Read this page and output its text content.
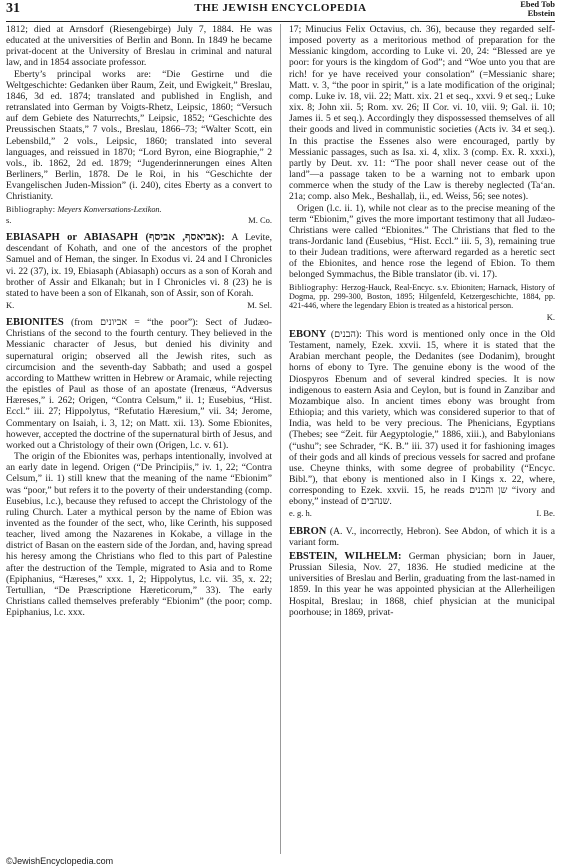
31	THE JEWISH ENCYCLOPEDIA	Ebed Tob
Ebstein

1812; died at Arnsdorf (Riesengebirge) July 7, 1884. He was educated at the universities of Berlin and Bonn. In 1849 he became privat-docent at the University of Breslau in criminal and natural law, and in 1854 associate professor.

Eberty’s principal works are: “Die Gestirne und die Weltgeschichte: Gedanken über Raum, Zeit, und Ewigkeit,” Breslau, 1846, 3d ed. 1874; translated and published in English, and retranslated into German by Voigts-Rhetz, Leipsic, 1860; “Versuch auf dem Gebiete des Naturrechts,” Leipsic, 1852; “Geschichte des Preussischen Staats,” 7 vols., Breslau, 1866–73; “Walter Scott, ein Lebensbild,” 2 vols., Leipsic, 1860; translated into several languages, and reissued in 1870; “Lord Byron, eine Biographie,” 2 vols., ib. 1862, 2d ed. 1879; “Jugenderinnerungen eines Alten Berliners,” Berlin, 1878. De le Roi, in his “Geschichte der Evangelischen Juden-Mission” (i. 240), cites Eberty as a convert to Christianity.

Bibliography: Meyers Konversations-Lexikon.

s.	M. Co.

EBIASAPH or ABIASAPH (אביאסף, אביסף): A Levite, descendant of Kohath, and one of the ancestors of the prophet Samuel and of Heman, the singer. In Exodus vi. 24 and I Chronicles vi. 22 (37), ix. 19, Ebiasaph (Abiasaph) occurs as a son of Korah and brother of Assir and Elkanah; but in I Chronicles vi. 8 (23) he is stated to have been a son of Elkanah, son of Assir, son of Korah.

K.	M. Sel.

EBIONITES (from אביונים = “the poor”): Sect of Judæo-Christians of the second to the fourth century. They believed in the Messianic character of Jesus, but denied his divinity and supernatural origin; observed all the Jewish rites, such as circumcision and the seventh-day Sabbath; and used a gospel according to Matthew written in Hebrew or Aramaic, while rejecting the epistles of Paul as those of an apostate (Irenæus, “Adversus Hæreses,” i. 262; Origen, “Contra Celsum,” ii. 1; Eusebius, “Hist. Eccl.” iii. 27; Hippolytus, “Refutatio Hæresium,” vii. 34; Jerome, Commentary on Isaiah, i. 3, 12; on Matt. xii. 13). Some Ebionites, however, accepted the doctrine of the supernatural birth of Jesus, and worked out a Christology of their own (Origen, l.c. v. 61).

The origin of the Ebionites was, perhaps intentionally, involved at an early date in legend. Origen (“De Principiis,” iv. 1, 22; “Contra Celsum,” ii. 1) still knew that the meaning of the name “Ebionim” was “poor,” but refers it to the poverty of their understanding (comp. Eusebius, l.c.), because they refused to accept the Christology of the ruling Church. Later a mythical person by the name of Ebion was invented as the founder of the sect, who, like Cerinth, his supposed teacher, lived among the Nazarenes in Kokabe, a village in the district of Basan on the eastern side of the Jordan, and, having spread his heresy among the Christians who fled to this part of Palestine after the destruction of the Temple, migrated to Asia and to Rome (Epiphanius, “Hæreses,” xxx. 1, 2; Hippolytus, l.c. vii. 35, x. 22; Tertullian, “De Præscriptione Hæreticorum,” 33). The early Christians called themselves preferably “Ebionim” (the poor; comp. Epiphanius, l.c. xxx.

17; Minucius Felix Octavius, ch. 36), because they regarded self-imposed poverty as a meritorious method of preparation for the Messianic kingdom, according to Luke vi. 20, 24: “Blessed are ye poor: for yours is the kingdom of God”; and “Woe unto you that are rich! for ye have received your consolation” (=Messianic share; Matt. v. 3, “the poor in spirit,” is a late modification of the original; comp. Luke iv. 18, vii. 22; Matt. xix. 21 et seq., xxvi. 9 et seq.; Luke xix. 8; John xii. 5; Rom. xv. 26; II Cor. vi. 10, viii. 9; Gal. ii. 10; James ii. 5 et seq.). Accordingly they dispossessed themselves of all their goods and lived in communistic societies (Acts iv. 34 et seq.). In this practise the Essenes also were encouraged, partly by Messianic passages, such as Isa. xi. 4, xlix. 3 (comp. Ex. R. xxxi.), partly by Deut. xv. 11: “The poor shall never cease out of the land”—a passage taken to be a warning not to embark upon commerce when the study of the Law is thereby neglected (Ta‘an. 21a; comp. also Mek., Beshallaḥ, ii., ed. Weiss, 56; see notes).

Origen (l.c. ii. 1), while not clear as to the precise meaning of the term “Ebionim,” gives the more important testimony that all Judæo-Christians were called “Ebionites.” The Christians that fled to the trans-Jordanic land (Eusebius, “Hist. Eccl.” iii. 5, 3), remaining true to their Judean traditions, were afterward regarded as a heretic sect of the Ebionites, and hence rose the legend of Ebion. To them belonged Symmachus, the Bible translator (ib. vi. 17).

Bibliography: Herzog-Hauck, Real-Encyc. s.v. Ebioniten; Harnack, History of Dogma, pp. 299-300, Boston, 1895; Hilgenfeld, Ketzergeschichte, 1884, pp. 421-446, where the legendary Ebion is treated as a historical person.

K.

EBONY (הבנים): This word is mentioned only once in the Old Testament, namely, Ezek. xxvii. 15, where it is stated that the Arabian merchant people, the Dedanites (see Dodanim), brought horns of ebony to Tyre. The genuine ebony is the wood of the Diospyros Ebenum and of several kindred species. It is now indigenous to eastern Asia and Ceylon, but is found in Zanzibar and Mozambique also. In ancient times ebony was brought from Ethiopia; and this variety, which was considered superior to that of India, was held to be very precious. The Phenicians, Egyptians (Thebes; see “Zeit. für Aegyptologie,” 1886, xiii.), and Babylonians (“ushu”; see Schrader, “K. B.” iii. 37) used it for fashioning images of their gods and all kinds of precious vessels for sacred and profane use. Cheyne thinks, with some degree of probability (“Encyc. Bibl.”), that ebony is mentioned also in I Kings x. 22, where, corresponding to Ezek. xxvii. 15, he reads שן והבנים “ivory and ebony,” instead of שנהבים.

e. g. h.	I. Be.

EBRON (A. V., incorrectly, Hebron). See Abdon, of which it is a variant form.

EBSTEIN, WILHELM: German physician; born in Jauer, Prussian Silesia, Nov. 27, 1836. He studied medicine at the universities of Breslau and Berlin, graduating from the last-named in 1859. In this year he was appointed physician at the Allerheiligen Hospital, Breslau; in 1868, chief physician at the municipal poorhouse; in 1869, privat-

©JewishEncyclopedia.com
